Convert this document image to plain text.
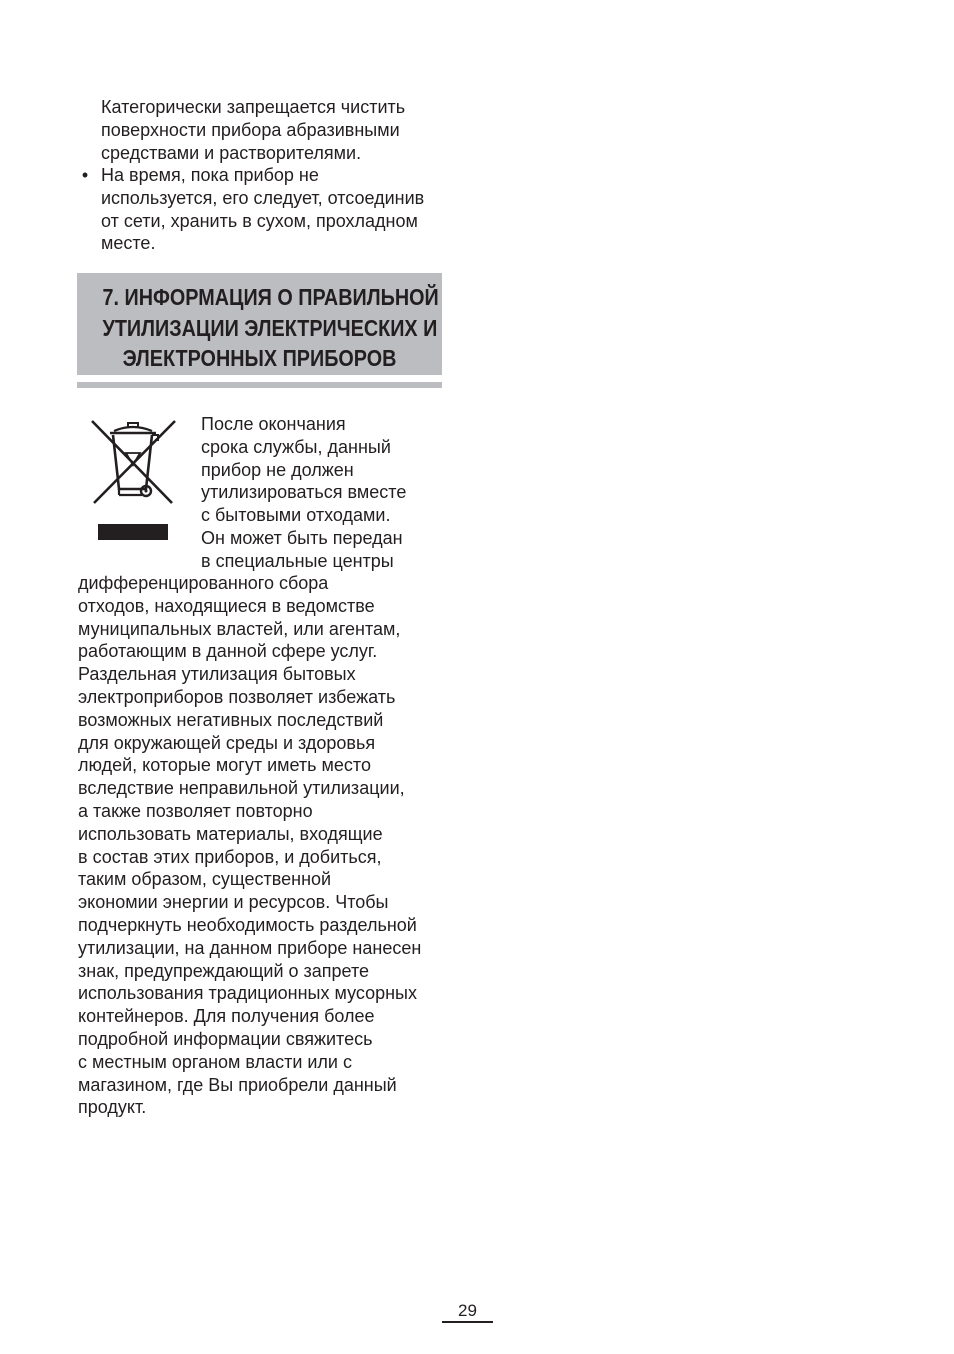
Категорически запрещается чистить
поверхности прибора абразивными
средствами и растворителями.
• На время, пока прибор не
используется, его следует, отсоединив
от сети, хранить в сухом, прохладном
месте.
7. ИНФОРМАЦИЯ О ПРАВИЛЬНОЙ
УТИЛИЗАЦИИ ЭЛЕКТРИЧЕСКИХ И
ЭЛЕКТРОННЫХ ПРИБОРОВ
После окончания
срока службы, данный
прибор не должен
утилизироваться вместе
с бытовыми отходами.
Он может быть передан
в специальные центры
дифференцированного сбора
отходов, находящиеся в ведомстве
муниципальных властей, или агентам,
работающим в данной сфере услуг.
Раздельная утилизация бытовых
электроприборов позволяет избежать
возможных негативных последствий
для окружающей среды и здоровья
людей, которые могут иметь место
вследствие неправильной утилизации,
а также позволяет повторно
использовать материалы, входящие
в состав этих приборов, и добиться,
таким образом, существенной
экономии энергии и ресурсов. Чтобы
подчеркнуть необходимость раздельной
утилизации, на данном приборе нанесен
знак, предупреждающий о запрете
использования традиционных мусорных
контейнеров. Для получения более
подробной информации свяжитесь
с местным органом власти или с
магазином, где Вы приобрели данный
продукт.
29
